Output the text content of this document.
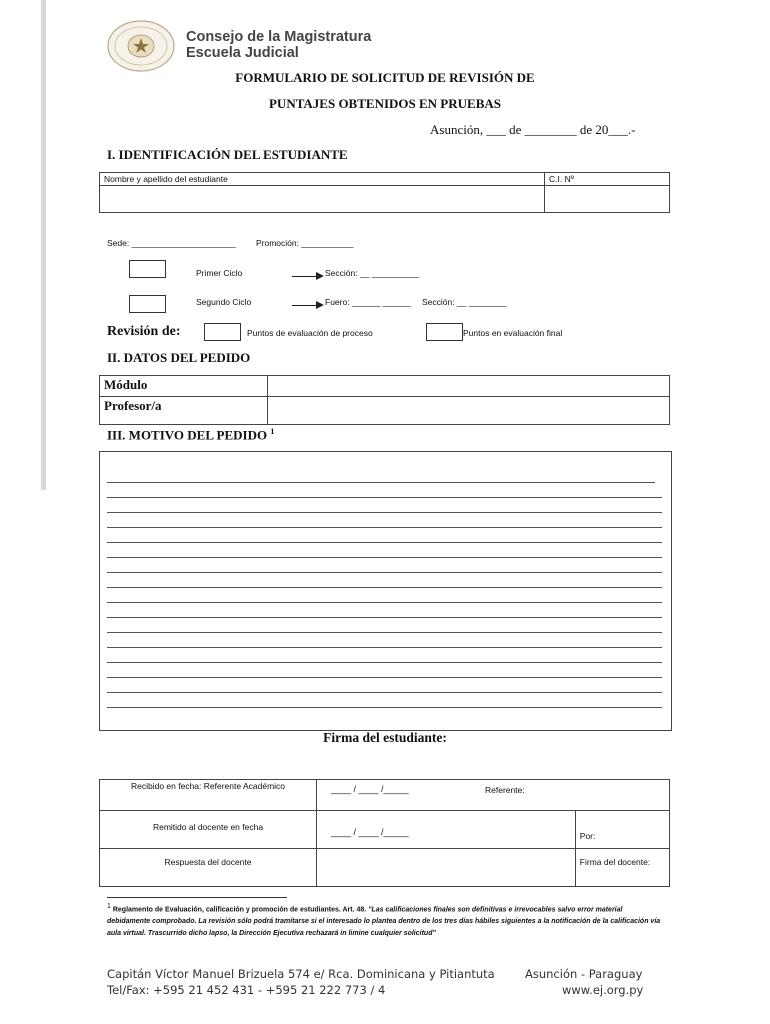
Consejo de la Magistratura
Escuela Judicial
FORMULARIO DE SOLICITUD DE REVISIÓN DE
PUNTAJES OBTENIDOS EN PRUEBAS
Asunción, ___ de ________ de 20___.-
I. IDENTIFICACIÓN DEL ESTUDIANTE
Nombre y apellido del estudiante	C.I. Nº

Sede: ______________________ Promoción: ___________
Primer Ciclo	Sección: __ __________
Segundo Ciclo	Fuero: ______ ______ Sección: __ ________
Revisión de:	Puntos de evaluación de proceso	Puntos en evaluación final
II. DATOS DEL PEDIDO
Módulo	
Profesor/a	
III. MOTIVO DEL PEDIDO $^1$
Firma del estudiante:
Recibido en fecha: Referente Académico	____ / ____ /_____ Referente:	

Remitido al docente en fecha	____ / ____ /_____	Por:

Respuesta del docente		Firma del docente:
$^1$ Reglamento de Evaluación, calificación y promoción de estudiantes. Art. 48. "Las calificaciones finales son definitivas e irrevocables salvo error material debidamente comprobado. La revisión sólo podrá tramitarse si el interesado lo plantea dentro de los tres días hábiles siguientes a la notificación de la calificación vía aula virtual. Trascurrido dicho lapso, la Dirección Ejecutiva rechazará in limine cualquier solicitud"
Capitán Víctor Manuel Brizuela 574 e/ Rca. Dominicana y Pitiantuta	Asunción - Paraguay
Tel/Fax: +595 21 452 431 - +595 21 222 773 / 4	www.ej.org.py
